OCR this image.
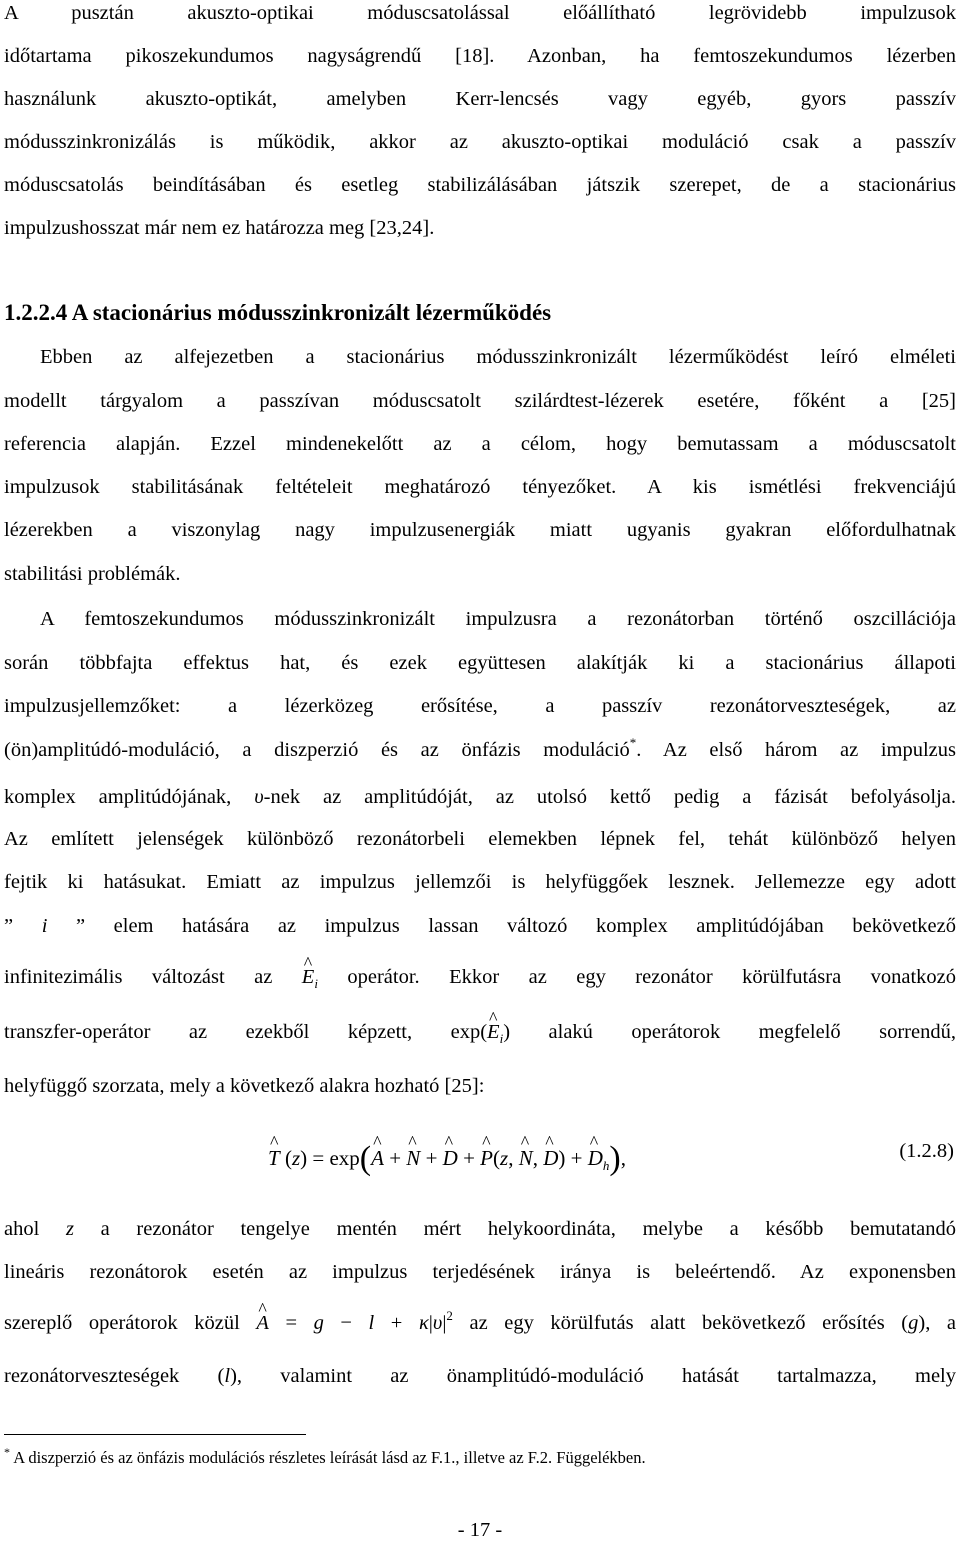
A pusztán akuszto-optikai móduscsatolással előállítható legrövidebb impulzusok
időtartama pikoszekundumos nagyságrendű [18]. Azonban, ha femtoszekundumos lézerben
használunk akuszto-optikát, amelyben Kerr-lencsés vagy egyéb, gyors passzív
módusszinkronizálás is működik, akkor az akuszto-optikai moduláció csak a passzív
móduscsatolás beindításában és esetleg stabilizálásában játszik szerepet, de a stacionárius
impulzushosszat már nem ez határozza meg [23,24].
1.2.2.4 A stacionárius módusszinkronizált lézerműködés
Ebben az alfejezetben a stacionárius módusszinkronizált lézerműködést leíró elméleti
modellt tárgyalom a passzívan móduscsatolt szilárdtest-lézerek esetére, főként a [25]
referencia alapján. Ezzel mindenekelőtt az a célom, hogy bemutassam a móduscsatolt
impulzusok stabilitásának feltételeit meghatározó tényezőket. A kis ismétlési frekvenciájú
lézerekben a viszonylag nagy impulzusenergiák miatt ugyanis gyakran előfordulhatnak
stabilitási problémák.
A femtoszekundumos módusszinkronizált impulzusra a rezonátorban történő oszcillációja
során többfajta effektus hat, és ezek együttesen alakítják ki a stacionárius állapoti
impulzusjellemzőket: a lézerközeg erősítése, a passzív rezonátorveszteségek, az
(ön)amplitúdó-moduláció, a diszperzió és az önfázis moduláció*. Az első három az impulzus
komplex amplitúdójának, υ-nek az amplitúdóját, az utolsó kettő pedig a fázisát befolyásolja.
Az említett jelenségek különböző rezonátorbeli elemekben lépnek fel, tehát különböző helyen
fejtik ki hatásukat. Emiatt az impulzus jellemzői is helyfüggőek lesznek. Jellemezze egy adott
” i ” elem hatására az impulzus lassan változó komplex amplitúdójában bekövetkező
infinitezimális változást az ^ $E_i$ operátor. Ekkor az egy rezonátor körülfutásra vonatkozó
transzfer-operátor az ezekből képzett, exp(^ $E_i$) alakú operátorok megfelelő sorrendű,
helyfüggő szorzata, mely a következő alakra hozható [25]:
^ T (z) = exp(^ A + ^ N + ^ D + ^ P(z, ^ N, ^ D) + ^ $D_h$),	(1.2.8)
ahol z a rezonátor tengelye mentén mért helykoordináta, melybe a később bemutatandó
lineáris rezonátorok esetén az impulzus terjedésének iránya is beleértendő. Az exponensben
szereplő operátorok közül ^ $A = g - l + \kappa|\upsilon|^2$ az egy körülfutás alatt bekövetkező erősítés (g), a
rezonátorveszteségek (l), valamint az önamplitúdó-moduláció hatását tartalmazza, mely
* A diszperzió és az önfázis modulációs részletes leírását lásd az F.1., illetve az F.2. Függelékben.
- 17 -
